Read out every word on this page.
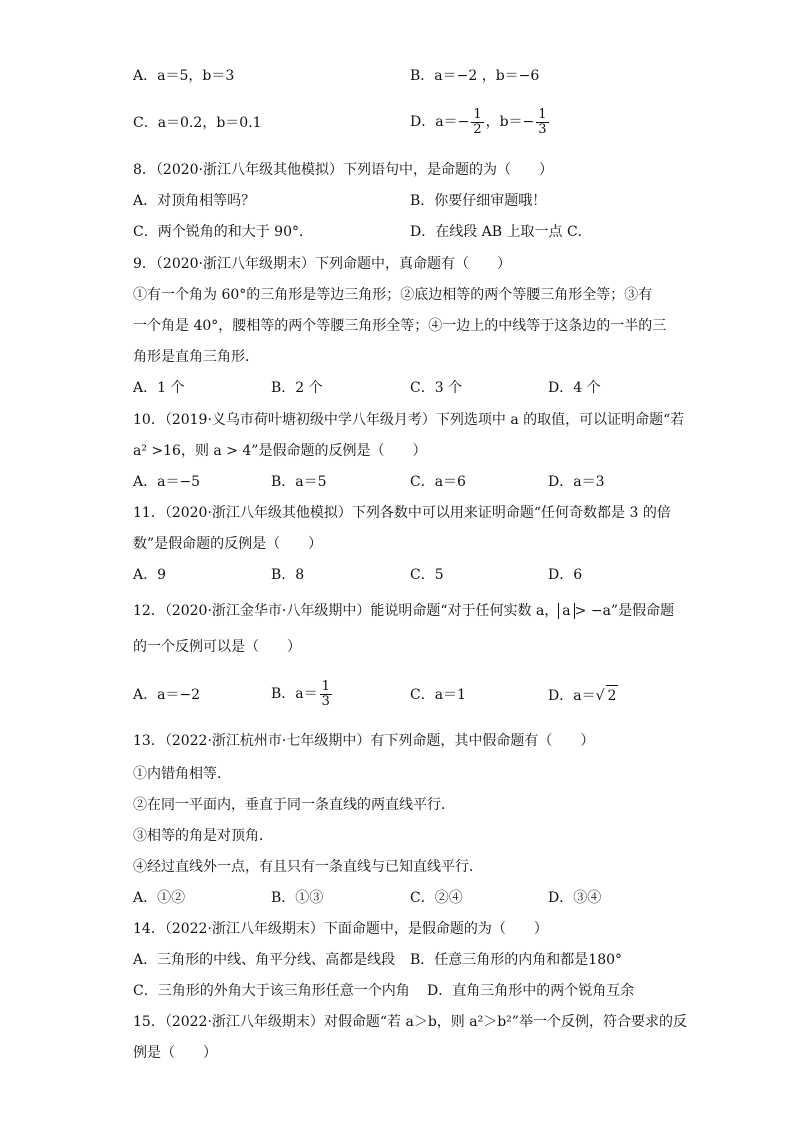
A．a＝5，b＝3	B．a＝−2 ，b＝−6
C．a＝0.2，b＝0.1	D．$a=- \frac{1}{2}$ ，$b=- \frac{1}{3}$
8．（2020·浙江八年级其他模拟）下列语句中，是命题的为（　　）
A．对顶角相等吗？	B．你要仔细审题哦！
C．两个锐角的和大于 90°．	D．在线段 AB 上取一点 C．
9．（2020·浙江八年级期末）下列命题中，真命题有（　　）
①有一个角为 60°的三角形是等边三角形；②底边相等的两个等腰三角形全等；③有
一个角是 40°，腰相等的两个等腰三角形全等；④一边上的中线等于这条边的一半的三
角形是直角三角形．
A．1 个	B．2 个	C．3 个	D．4 个
10．（2019·义乌市荷叶塘初级中学八年级月考）下列选项中 a 的取值，可以证明命题“若
a² >16，则 a > 4”是假命题的反例是（　　）
A．a＝−5	B．a＝5	C．a＝6	D．a＝3
11．（2020·浙江八年级其他模拟）下列各数中可以用来证明命题“任何奇数都是 3 的倍
数”是假命题的反例是（　　）
A．9	B．8	C．5	D．6
12．（2020·浙江金华市·八年级期中）能说明命题“对于任何实数 a， a > −a”是假命题
的一个反例可以是（　　）
A．a＝−2	B．$a= \frac{1}{3}$	C．a＝1	D．a＝√ 2
13．（2022·浙江杭州市·七年级期中）有下列命题，其中假命题有（　　）
①内错角相等．
②在同一平面内，垂直于同一条直线的两直线平行．
③相等的角是对顶角．
④经过直线外一点，有且只有一条直线与已知直线平行．
A．①②	B．①③	C．②④	D．③④
14．（2022·浙江八年级期末）下面命题中，是假命题的为（　　）
A．三角形的中线、角平分线、高都是线段 B．任意三角形的内角和都是180°
C．三角形的外角大于该三角形任意一个内角 D．直角三角形中的两个锐角互余
15．（2022·浙江八年级期末）对假命题“若 a＞b，则 a²＞b²”举一个反例，符合要求的反
例是（　　）
